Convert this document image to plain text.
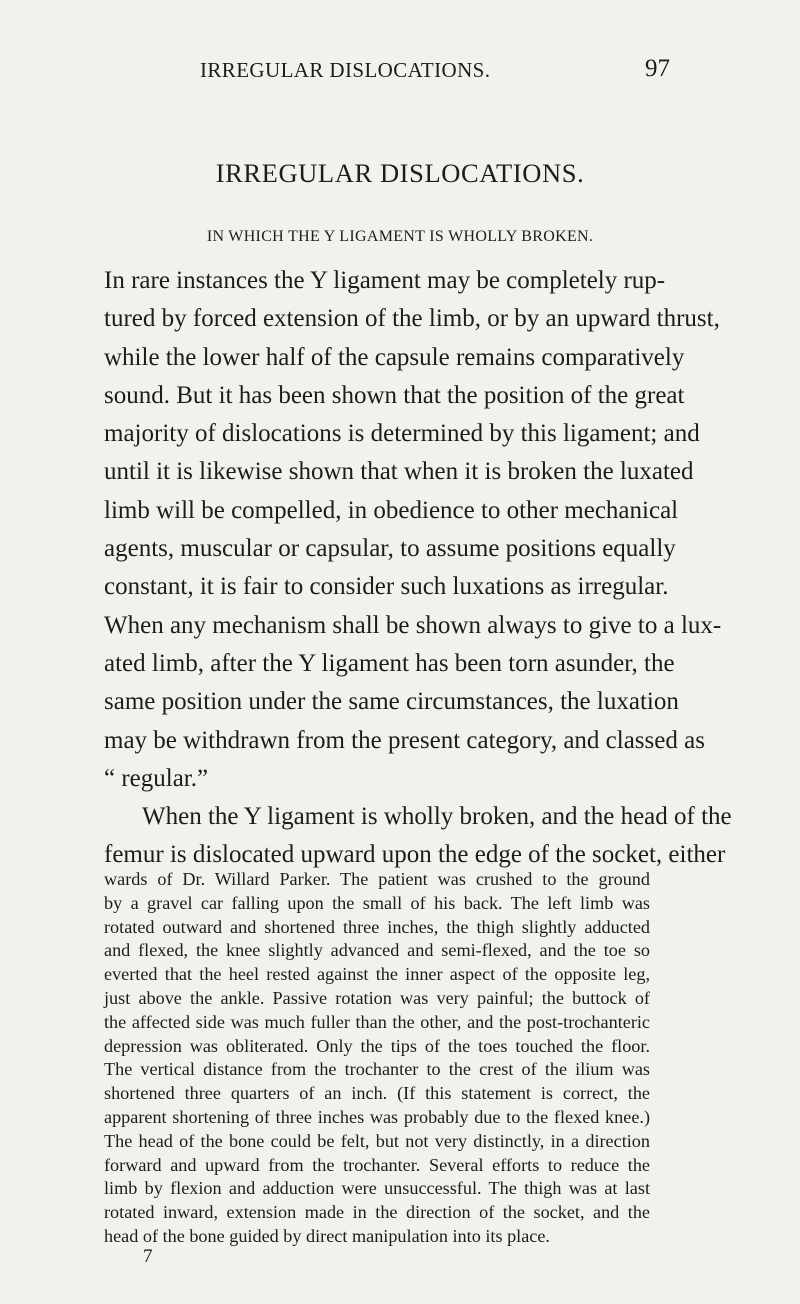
IRREGULAR DISLOCATIONS.	97
IRREGULAR DISLOCATIONS.
IN WHICH THE Y LIGAMENT IS WHOLLY BROKEN.
In rare instances the Y ligament may be completely rup-
tured by forced extension of the limb, or by an upward thrust,
while the lower half of the capsule remains comparatively
sound. But it has been shown that the position of the great
majority of dislocations is determined by this ligament; and
until it is likewise shown that when it is broken the luxated
limb will be compelled, in obedience to other mechanical
agents, muscular or capsular, to assume positions equally
constant, it is fair to consider such luxations as irregular.
When any mechanism shall be shown always to give to a lux-
ated limb, after the Y ligament has been torn asunder, the
same position under the same circumstances, the luxation
may be withdrawn from the present category, and classed as
“ regular.”
When the Y ligament is wholly broken, and the head of the
femur is dislocated upward upon the edge of the socket, either
wards of Dr. Willard Parker. The patient was crushed to the ground
by a gravel car falling upon the small of his back. The left limb was
rotated outward and shortened three inches, the thigh slightly adducted
and flexed, the knee slightly advanced and semi-flexed, and the toe so
everted that the heel rested against the inner aspect of the opposite leg,
just above the ankle. Passive rotation was very painful; the buttock of
the affected side was much fuller than the other, and the post-trochanteric
depression was obliterated. Only the tips of the toes touched the floor.
The vertical distance from the trochanter to the crest of the ilium was
shortened three quarters of an inch. (If this statement is correct, the
apparent shortening of three inches was probably due to the flexed knee.)
The head of the bone could be felt, but not very distinctly, in a direction
forward and upward from the trochanter. Several efforts to reduce the
limb by flexion and adduction were unsuccessful. The thigh was at last
rotated inward, extension made in the direction of the socket, and the
head of the bone guided by direct manipulation into its place.
7
